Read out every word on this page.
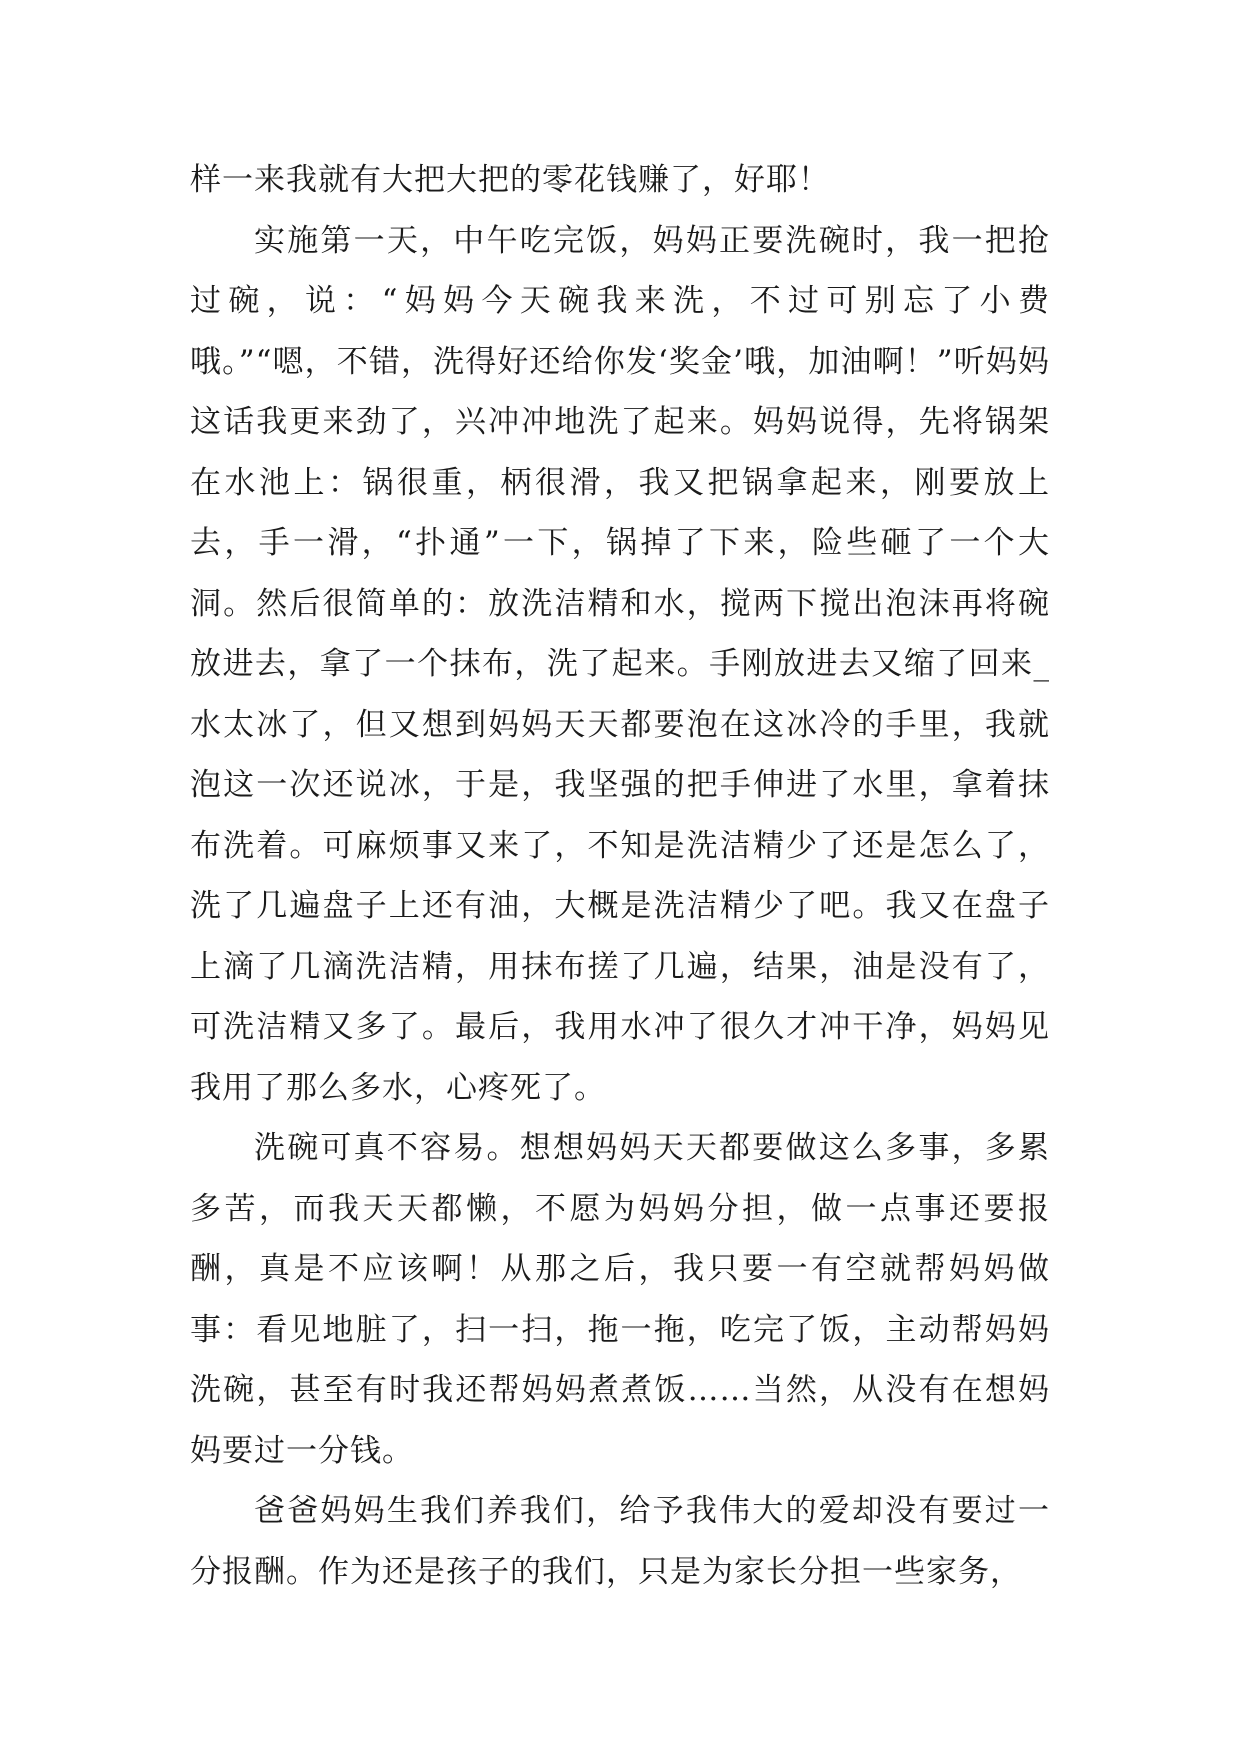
样一来我就有大把大把的零花钱赚了，好耶！

实施第一天，中午吃完饭，妈妈正要洗碗时，我一把抢过碗，说：“妈妈今天碗我来洗，不过可别忘了小费哦。”“嗯，不错，洗得好还给你发‘奖金’哦，加油啊！”听妈妈这话我更来劲了，兴冲冲地洗了起来。妈妈说得，先将锅架在水池上：锅很重，柄很滑，我又把锅拿起来，刚要放上去，手一滑，“扑通”一下，锅掉了下来，险些砸了一个大洞。然后很简单的：放洗洁精和水，搅两下搅出泡沫再将碗放进去，拿了一个抹布，洗了起来。手刚放进去又缩了回来_水太冰了，但又想到妈妈天天都要泡在这冰冷的手里，我就泡这一次还说冰，于是，我坚强的把手伸进了水里，拿着抹布洗着。可麻烦事又来了，不知是洗洁精少了还是怎么了，洗了几遍盘子上还有油，大概是洗洁精少了吧。我又在盘子上滴了几滴洗洁精，用抹布搓了几遍，结果，油是没有了，可洗洁精又多了。最后，我用水冲了很久才冲干净，妈妈见我用了那么多水，心疼死了。

洗碗可真不容易。想想妈妈天天都要做这么多事，多累多苦，而我天天都懒，不愿为妈妈分担，做一点事还要报酬，真是不应该啊！从那之后，我只要一有空就帮妈妈做事：看见地脏了，扫一扫，拖一拖，吃完了饭，主动帮妈妈洗碗，甚至有时我还帮妈妈煮煮饭……当然，从没有在想妈妈要过一分钱。

爸爸妈妈生我们养我们，给予我伟大的爱却没有要过一分报酬。作为还是孩子的我们，只是为家长分担一些家务，
